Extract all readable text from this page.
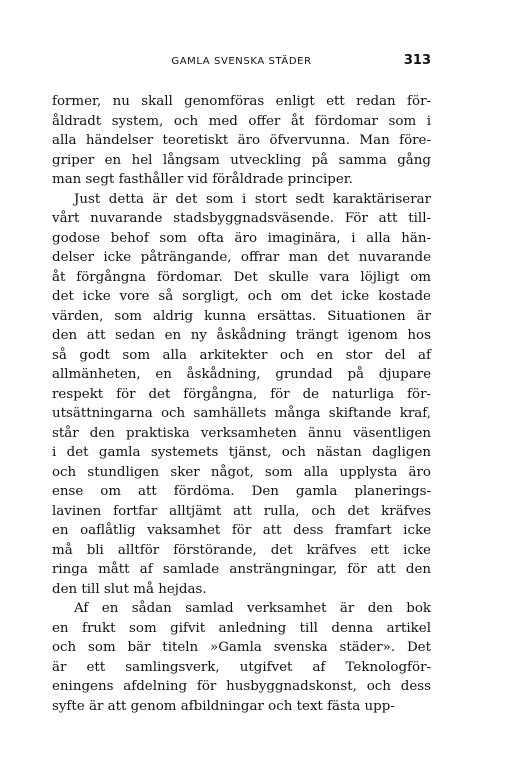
GAMLA SVENSKA STÄDER	313
former, nu skall genomföras enligt ett redan för-
åldradt system, och med offer åt fördomar som i
alla händelser teoretiskt äro öfvervunna. Man före-
griper en hel långsam utveckling på samma gång
man segt fasthåller vid föråldrade principer.
Just detta är det som i stort sedt karaktäriserar
vårt nuvarande stadsbyggnadsväsende. För att till-
godose behof som ofta äro imaginära, i alla hän-
delser icke påträngande, offrar man det nuvarande
åt förgångna fördomar. Det skulle vara löjligt om
det icke vore så sorgligt, och om det icke kostade
värden, som aldrig kunna ersättas. Situationen är
den att sedan en ny åskådning trängt igenom hos
så godt som alla arkitekter och en stor del af
allmänheten, en åskådning, grundad på djupare
respekt för det förgångna, för de naturliga för-
utsättningarna och samhällets många skiftande kraf,
står den praktiska verksamheten ännu väsentligen
i det gamla systemets tjänst, och nästan dagligen
och stundligen sker något, som alla upplysta äro
ense om att fördöma. Den gamla planerings-
lavinen fortfar alltjämt att rulla, och det kräfves
en oaflåtlig vaksamhet för att dess framfart icke
må bli alltför förstörande, det kräfves ett icke
ringa mått af samlade ansträngningar, för att den
den till slut må hejdas.
Af en sådan samlad verksamhet är den bok
en frukt som gifvit anledning till denna artikel
och som bär titeln »Gamla svenska städer». Det
är ett samlingsverk, utgifvet af Teknologför-
eningens afdelning för husbyggnadskonst, och dess
syfte är att genom afbildningar och text fästa upp-
